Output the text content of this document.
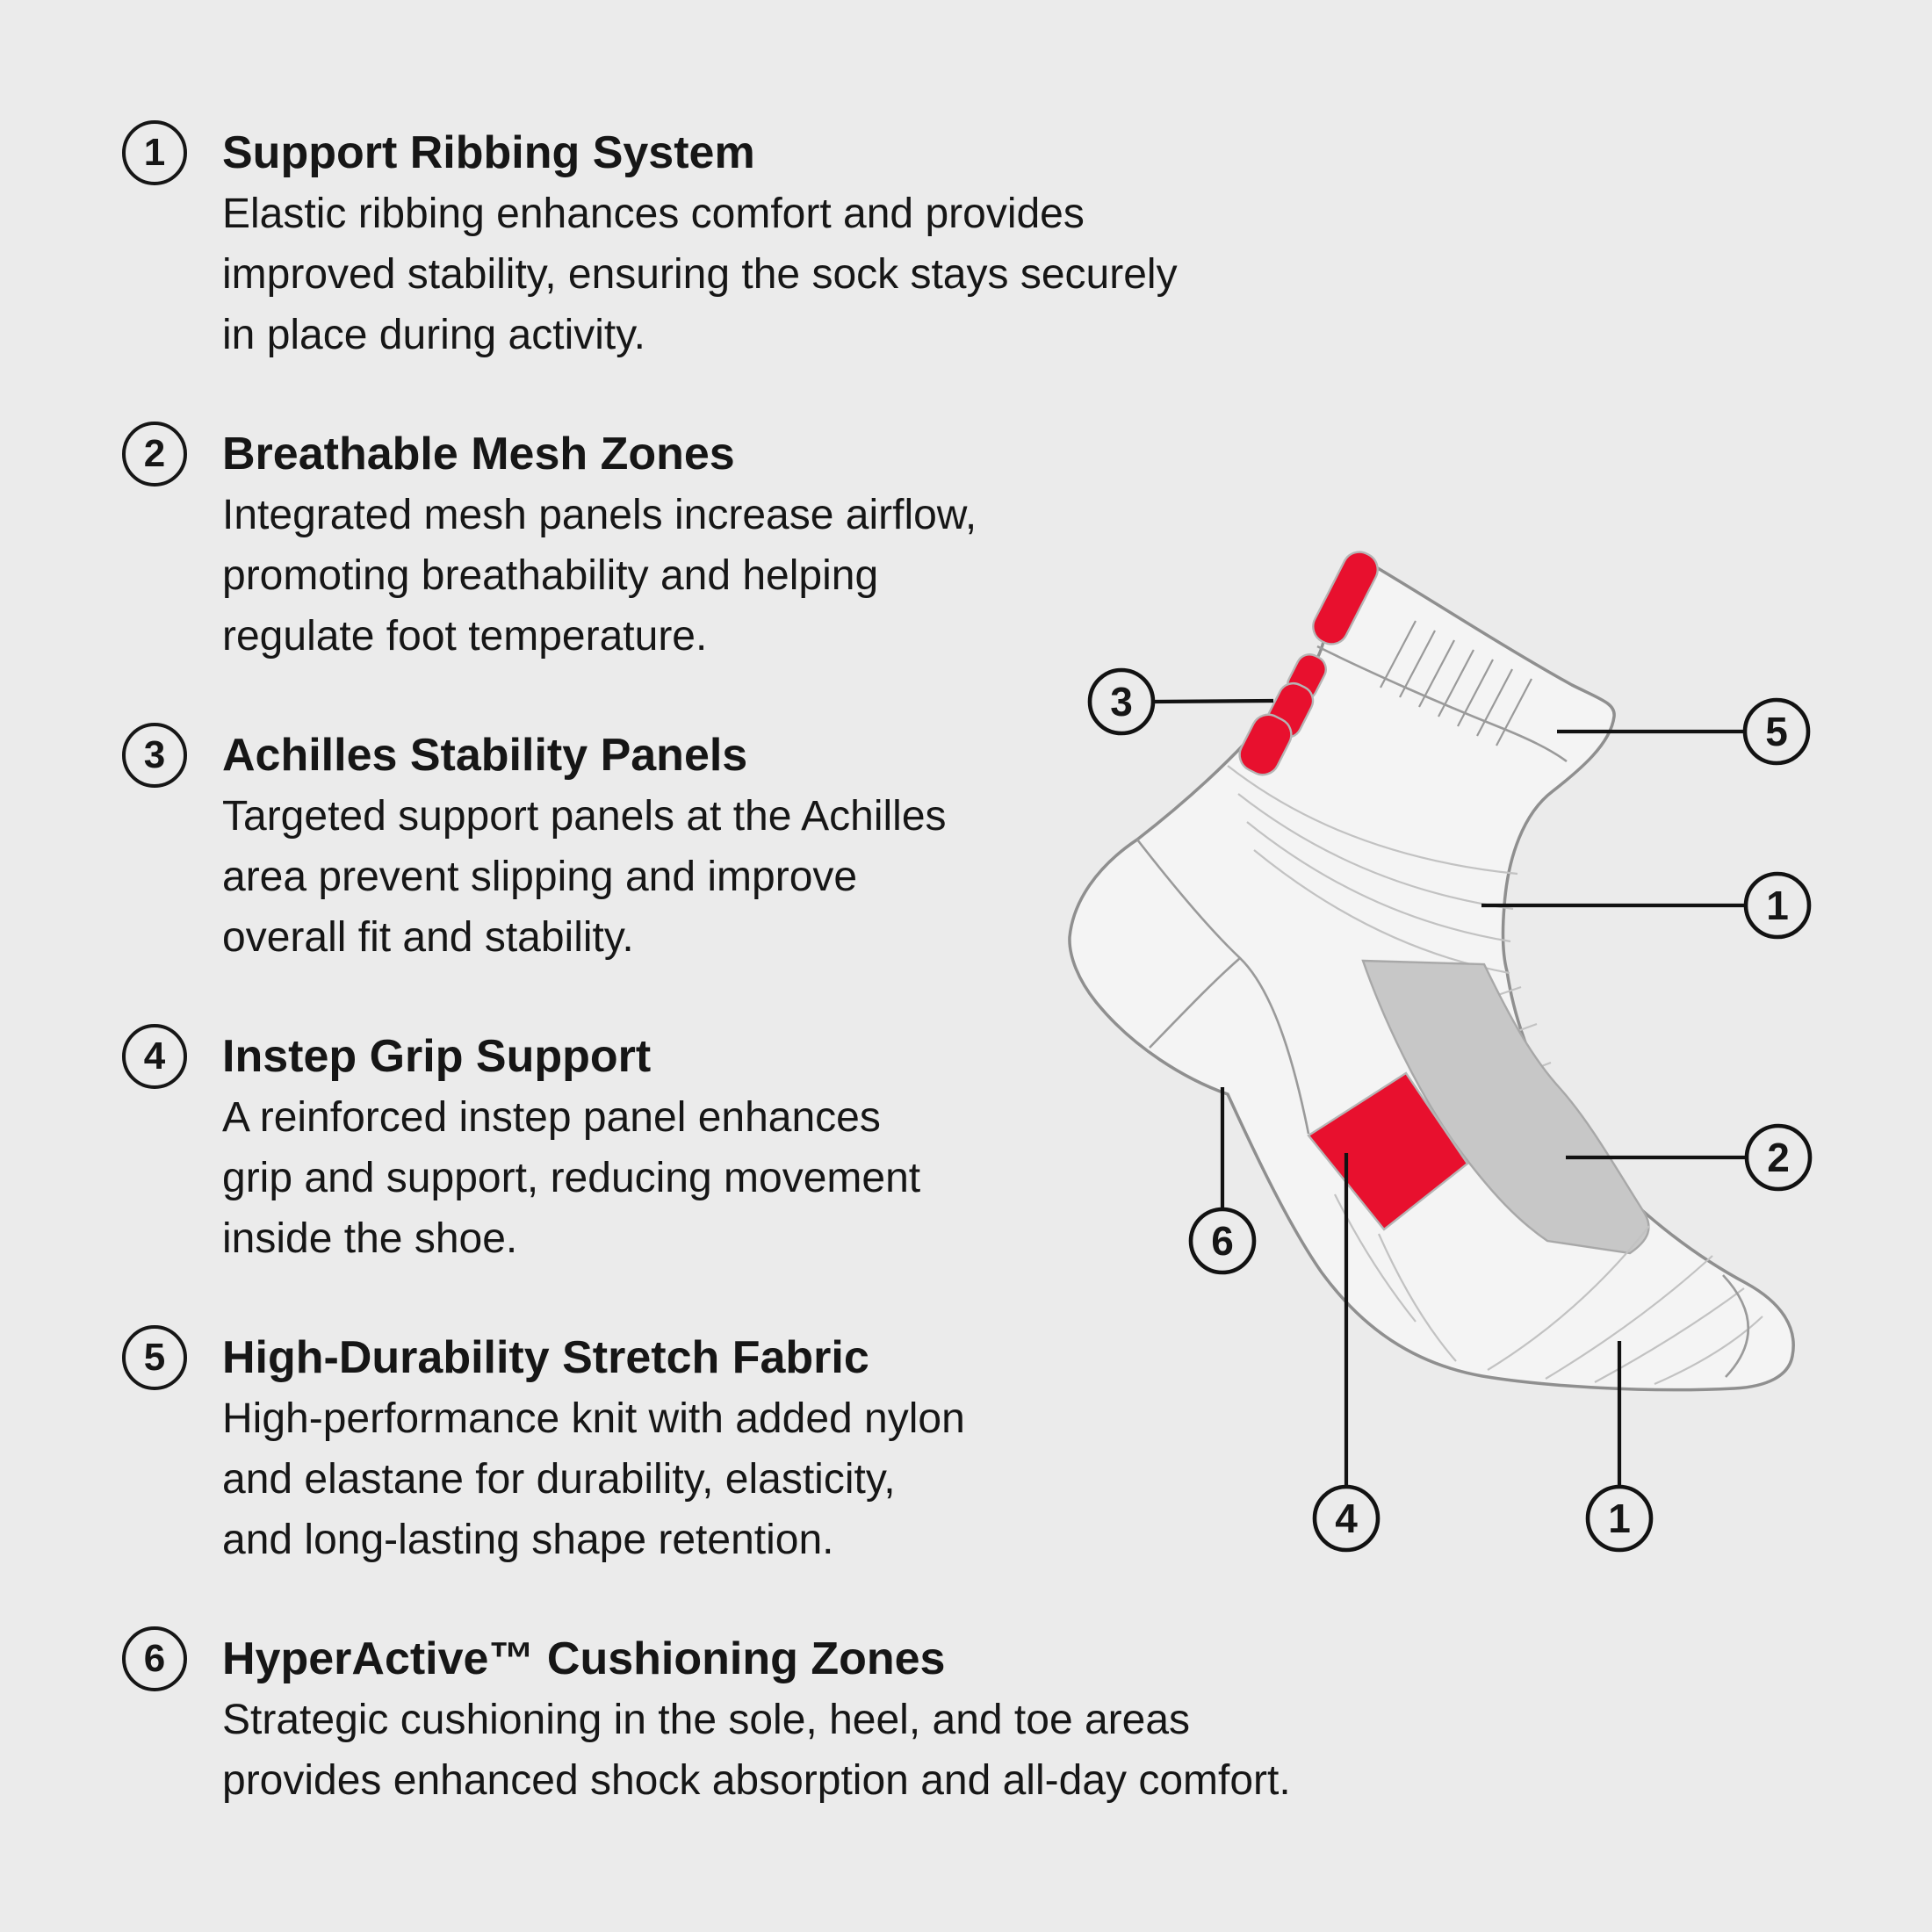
1	Support Ribbing System
Elastic ribbing enhances comfort and provides
improved stability, ensuring the sock stays securely
in place during activity.
2	Breathable Mesh Zones
Integrated mesh panels increase airflow,
promoting breathability and helping
regulate foot temperature.
3	Achilles Stability Panels
Targeted support panels at the Achilles
area prevent slipping and improve
overall fit and stability.
4	Instep Grip Support
A reinforced instep panel enhances
grip and support, reducing movement
inside the shoe.
5	High-Durability Stretch Fabric
High-performance knit with added nylon
and elastane for durability, elasticity,
and long-lasting shape retention.
6	HyperActive™ Cushioning Zones
Strategic cushioning in the sole, heel, and toe areas
provides enhanced shock absorption and all-day comfort.
3
5
1
2
6
4	1
